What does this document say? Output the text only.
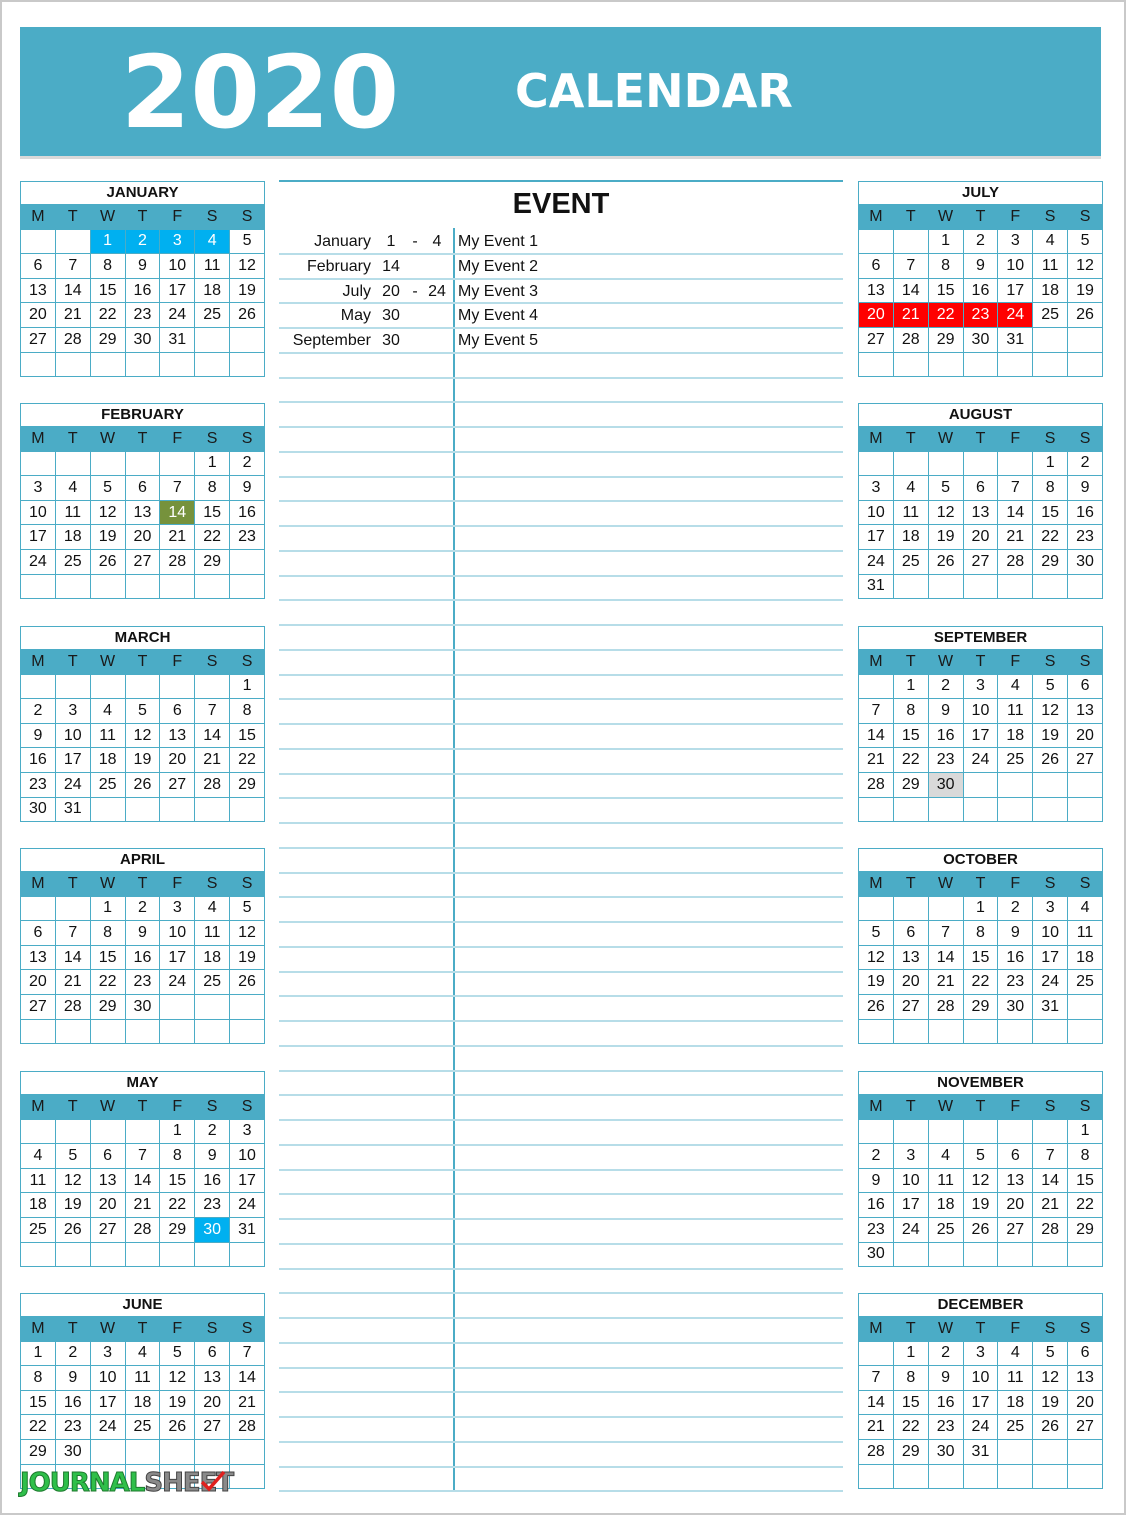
2020	CALENDAR
JANUARY						
M	T	W	T	F	S	S
		1	2	3	4	5
6	7	8	9	10	11	12
13	14	15	16	17	18	19
20	21	22	23	24	25	26
27	28	29	30	31		

FEBRUARY						
M	T	W	T	F	S	S
					1	2
3	4	5	6	7	8	9
10	11	12	13	14	15	16
17	18	19	20	21	22	23
24	25	26	27	28	29	

MARCH						
M	T	W	T	F	S	S
						1
2	3	4	5	6	7	8
9	10	11	12	13	14	15
16	17	18	19	20	21	22
23	24	25	26	27	28	29
30	31					
APRIL						
M	T	W	T	F	S	S
		1	2	3	4	5
6	7	8	9	10	11	12
13	14	15	16	17	18	19
20	21	22	23	24	25	26
27	28	29	30			

MAY						
M	T	W	T	F	S	S
				1	2	3
4	5	6	7	8	9	10
11	12	13	14	15	16	17
18	19	20	21	22	23	24
25	26	27	28	29	30	31

JUNE						
M	T	W	T	F	S	S
1	2	3	4	5	6	7
8	9	10	11	12	13	14
15	16	17	18	19	20	21
22	23	24	25	26	27	28
29	30					

JULY						
M	T	W	T	F	S	S
		1	2	3	4	5
6	7	8	9	10	11	12
13	14	15	16	17	18	19
20	21	22	23	24	25	26
27	28	29	30	31		

AUGUST						
M	T	W	T	F	S	S
					1	2
3	4	5	6	7	8	9
10	11	12	13	14	15	16
17	18	19	20	21	22	23
24	25	26	27	28	29	30
31						
SEPTEMBER						
M	T	W	T	F	S	S
	1	2	3	4	5	6
7	8	9	10	11	12	13
14	15	16	17	18	19	20
21	22	23	24	25	26	27
28	29	30				

OCTOBER						
M	T	W	T	F	S	S
			1	2	3	4
5	6	7	8	9	10	11
12	13	14	15	16	17	18
19	20	21	22	23	24	25
26	27	28	29	30	31	

NOVEMBER						
M	T	W	T	F	S	S
						1
2	3	4	5	6	7	8
9	10	11	12	13	14	15
16	17	18	19	20	21	22
23	24	25	26	27	28	29
30						
DECEMBER						
M	T	W	T	F	S	S
	1	2	3	4	5	6
7	8	9	10	11	12	13
14	15	16	17	18	19	20
21	22	23	24	25	26	27
28	29	30	31			

EVENT
January 1	- 4	My Event 1
February 14	My Event 2
July 20 - 24 My Event 3
May 30	My Event 4
September 30	My Event 5
JOURNALSHEET
